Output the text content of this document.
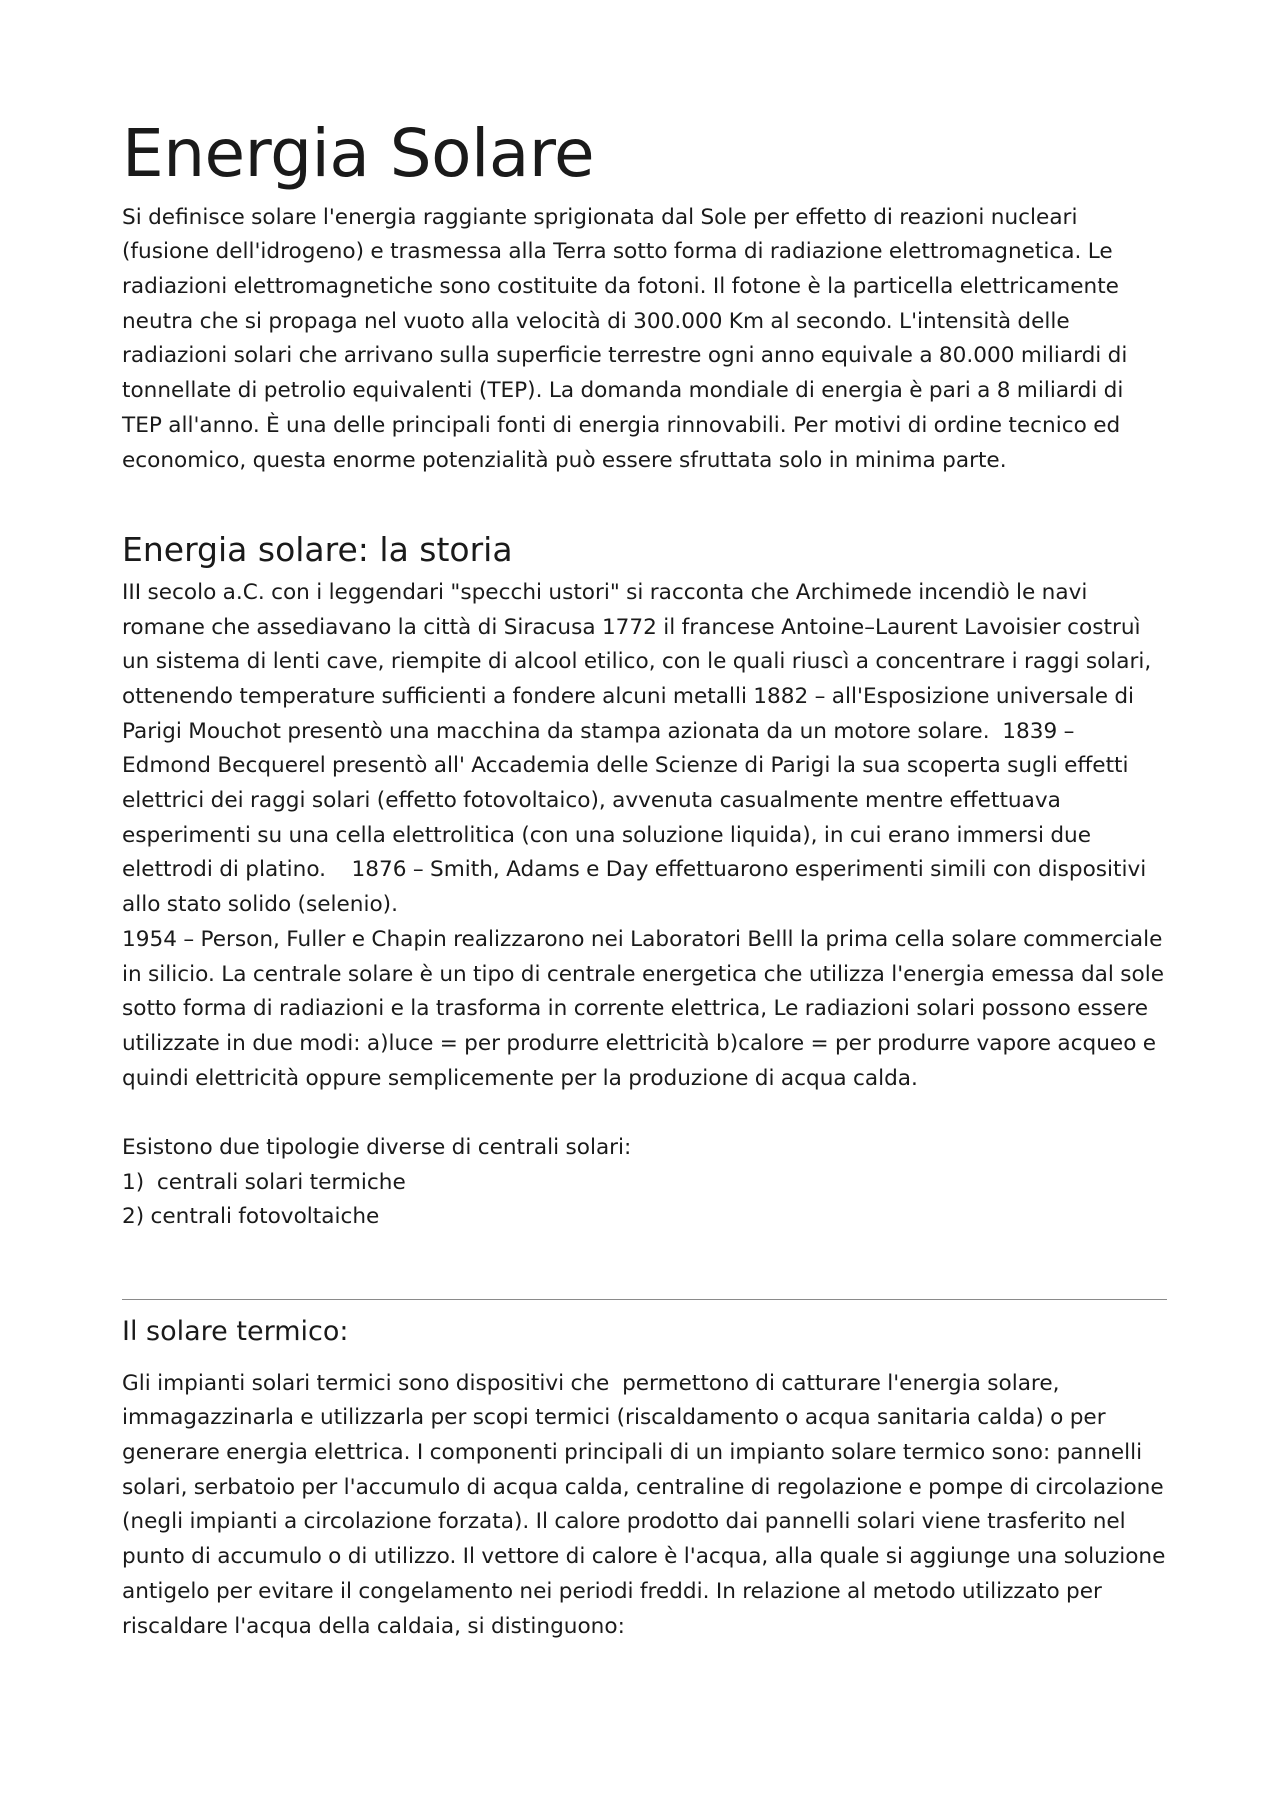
Energia Solare

Si definisce solare l'energia raggiante sprigionata dal Sole per effetto di reazioni nucleari (fusione dell'idrogeno) e trasmessa alla Terra sotto forma di radiazione elettromagnetica. Le radiazioni elettromagnetiche sono costituite da fotoni. Il fotone è la particella elettricamente neutra che si propaga nel vuoto alla velocità di 300.000 Km al secondo. L'intensità delle radiazioni solari che arrivano sulla superficie terrestre ogni anno equivale a 80.000 miliardi di tonnellate di petrolio equivalenti (TEP). La domanda mondiale di energia è pari a 8 miliardi di TEP all'anno. È una delle principali fonti di energia rinnovabili. Per motivi di ordine tecnico ed economico, questa enorme potenzialità può essere sfruttata solo in minima parte.

Energia solare: la storia

III secolo a.C. con i leggendari "specchi ustori" si racconta che Archimede incendiò le navi romane che assediavano la città di Siracusa 1772 il francese Antoine–Laurent Lavoisier costruì un sistema di lenti cave, riempite di alcool etilico, con le quali riuscì a concentrare i raggi solari, ottenendo temperature sufficienti a fondere alcuni metalli 1882 – all'Esposizione universale di Parigi Mouchot presentò una macchina da stampa azionata da un motore solare.  1839 – Edmond Becquerel presentò all' Accademia delle Scienze di Parigi la sua scoperta sugli effetti elettrici dei raggi solari (effetto fotovoltaico), avvenuta casualmente mentre effettuava esperimenti su una cella elettrolitica (con una soluzione liquida), in cui erano immersi due elettrodi di platino.    1876 – Smith, Adams e Day effettuarono esperimenti simili con dispositivi allo stato solido (selenio).

1954 – Person, Fuller e Chapin realizzarono nei Laboratori Belll la prima cella solare commerciale in silicio. La centrale solare è un tipo di centrale energetica che utilizza l'energia emessa dal sole sotto forma di radiazioni e la trasforma in corrente elettrica, Le radiazioni solari possono essere utilizzate in due modi: a)luce = per produrre elettricità b)calore = per produrre vapore acqueo e quindi elettricità oppure semplicemente per la produzione di acqua calda.

Esistono due tipologie diverse di centrali solari:

1)  centrali solari termiche

2) centrali fotovoltaiche

Il solare termico:

Gli impianti solari termici sono dispositivi che  permettono di catturare l'energia solare, immagazzinarla e utilizzarla per scopi termici (riscaldamento o acqua sanitaria calda) o per generare energia elettrica. I componenti principali di un impianto solare termico sono: pannelli solari, serbatoio per l'accumulo di acqua calda, centraline di regolazione e pompe di circolazione (negli impianti a circolazione forzata). Il calore prodotto dai pannelli solari viene trasferito nel punto di accumulo o di utilizzo. Il vettore di calore è l'acqua, alla quale si aggiunge una soluzione antigelo per evitare il congelamento nei periodi freddi. In relazione al metodo utilizzato per riscaldare l'acqua della caldaia, si distinguono:
